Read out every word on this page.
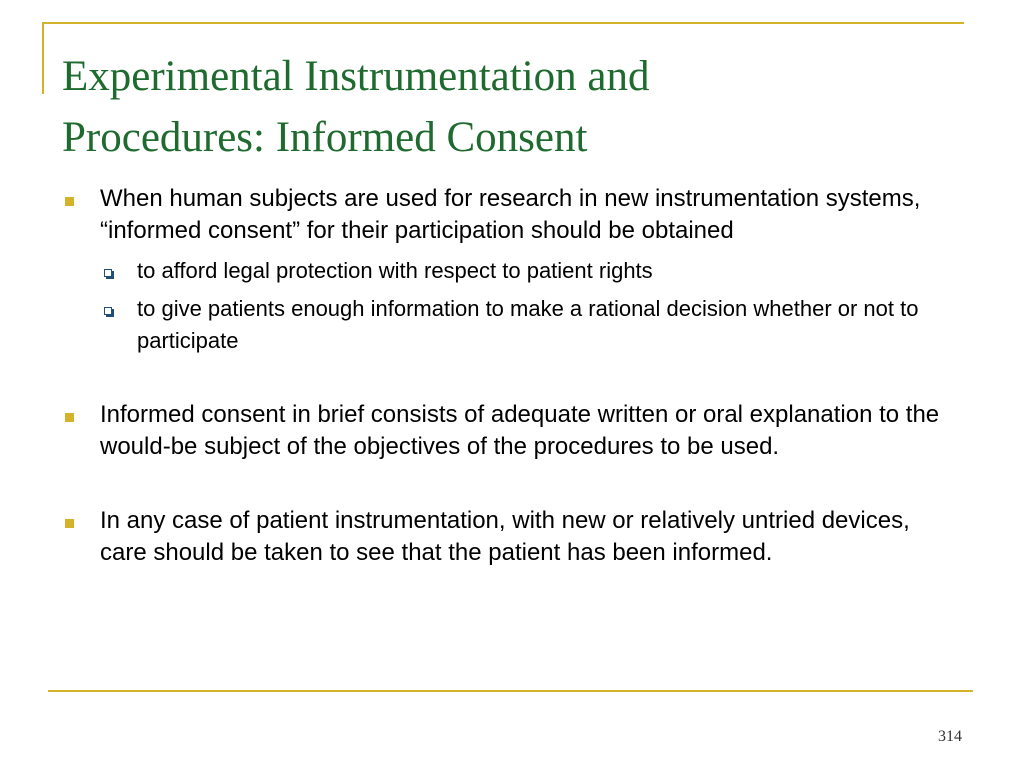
Experimental Instrumentation and
Procedures: Informed Consent
When human subjects are used for research in new instrumentation systems, “informed consent” for their participation should be obtained
to afford legal protection with respect to patient rights
to give patients enough information to make a rational decision whether or not to participate
Informed consent in brief consists of adequate written or oral explanation to the would-be subject of the objectives of the procedures to be used.
In any case of patient instrumentation, with new or relatively untried devices, care should be taken to see that the patient has been informed.
314
